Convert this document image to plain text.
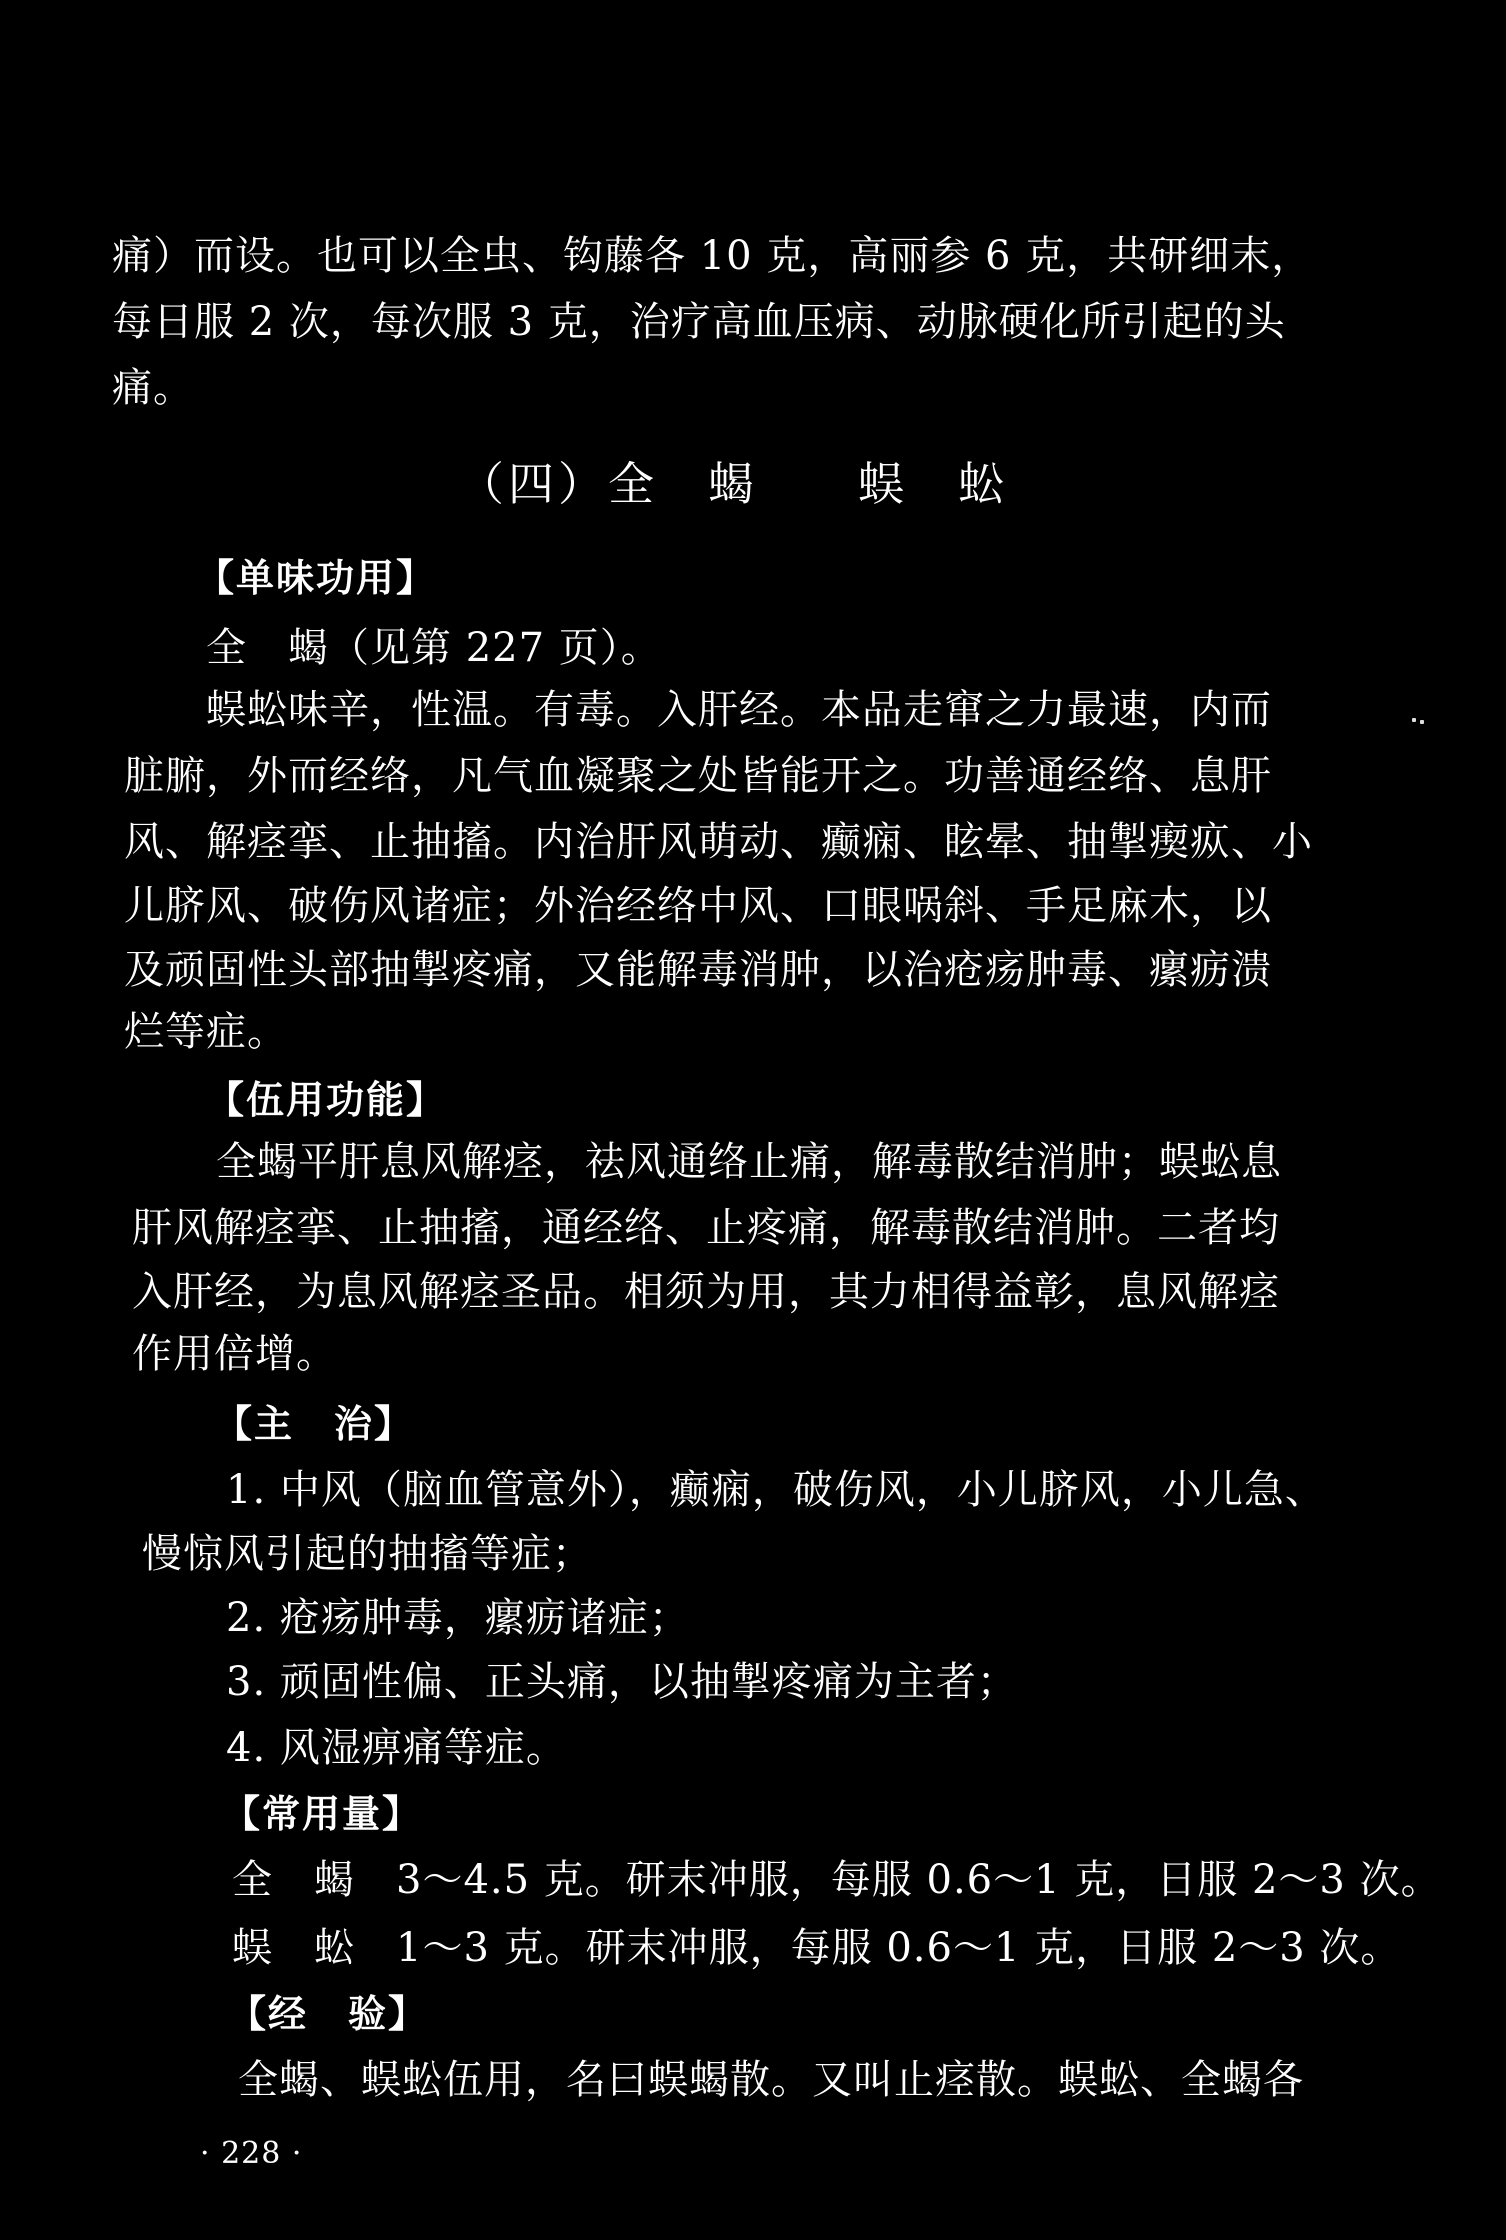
痛）而设。也可以全虫、钩藤各 10 克，高丽参 6 克，共研细末，
每日服 2 次，每次服 3 克，治疗高血压病、动脉硬化所引起的头
痛。
（四）全　蝎　　蜈　蚣
【单味功用】
全　蝎（见第 227 页）。
蜈蚣味辛，性温。有毒。入肝经。本品走窜之力最速，内而
脏腑，外而经络，凡气血凝聚之处皆能开之。功善通经络、息肝
风、解痉挛、止抽搐。内治肝风萌动、癫痫、眩晕、抽掣瘈疭、小
儿脐风、破伤风诸症；外治经络中风、口眼㖞斜、手足麻木，以
及顽固性头部抽掣疼痛，又能解毒消肿，以治疮疡肿毒、瘰疬溃
烂等症。
【伍用功能】
全蝎平肝息风解痉，祛风通络止痛，解毒散结消肿；蜈蚣息
肝风解痉挛、止抽搐，通经络、止疼痛，解毒散结消肿。二者均
入肝经，为息风解痉圣品。相须为用，其力相得益彰，息风解痉
作用倍增。
【主　治】
1. 中风（脑血管意外），癫痫，破伤风，小儿脐风，小儿急、
慢惊风引起的抽搐等症；
2. 疮疡肿毒，瘰疬诸症；
3. 顽固性偏、正头痛，以抽掣疼痛为主者；
4. 风湿痹痛等症。
【常用量】
全　蝎　3～4.5 克。研末冲服，每服 0.6～1 克，日服 2～3 次。
蜈　蚣　1～3 克。研末冲服，每服 0.6～1 克，日服 2～3 次。
【经　验】
全蝎、蜈蚣伍用，名曰蜈蝎散。又叫止痉散。蜈蚣、全蝎各
· 228 ·
